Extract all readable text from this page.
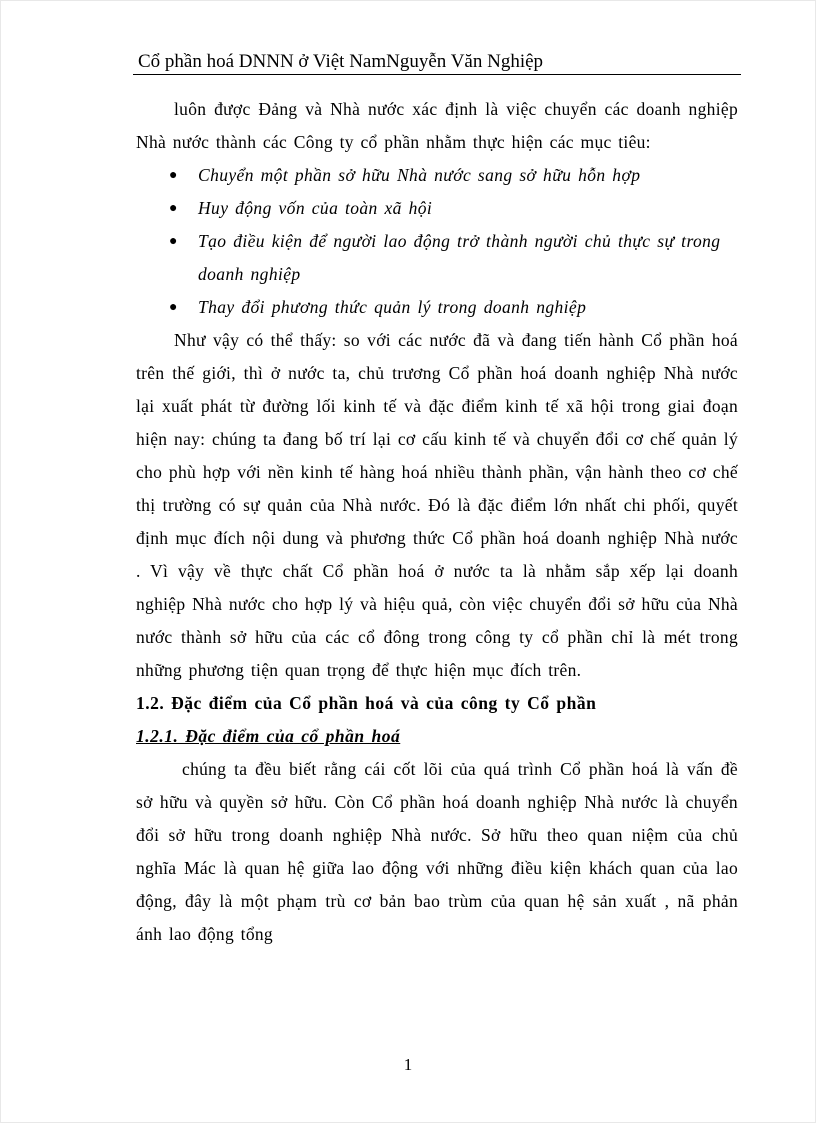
Cổ phần hoá DNNN ở Việt NamNguyễn Văn Nghiệp

luôn được Đảng và Nhà nước xác định là việc chuyển các doanh nghiệp Nhà nước thành các Công ty cổ phần nhằm thực hiện các mục tiêu:

● Chuyển một phần sở hữu Nhà nước sang sở hữu hỗn hợp
● Huy động vốn của toàn xã hội
● Tạo điều kiện để người lao động trở thành người chủ thực sự trong doanh nghiệp
● Thay đổi phương thức quản lý trong doanh nghiệp

Như vậy có thể thấy: so với các nước đã và đang tiến hành Cổ phần hoá trên thế giới, thì ở nước ta, chủ trương Cổ phần hoá doanh nghiệp Nhà nước lại xuất phát từ đường lối kinh tế và đặc điểm kinh tế xã hội trong giai đoạn hiện nay: chúng ta đang bố trí lại cơ cấu kinh tế và chuyển đổi cơ chế quản lý cho phù hợp với nền kinh tế hàng hoá nhiều thành phần, vận hành theo cơ chế thị trường có sự quản của Nhà nước. Đó là đặc điểm lớn nhất chi phối, quyết định mục đích nội dung và phương thức Cổ phần hoá doanh nghiệp Nhà nước . Vì vậy về thực chất Cổ phần hoá ở nước ta là nhằm sắp xếp lại doanh nghiệp Nhà nước cho hợp lý và hiệu quả, còn việc chuyển đổi sở hữu của Nhà nước thành sở hữu của các cổ đông trong công ty cổ phần chỉ là mét trong những phương tiện quan trọng để thực hiện mục đích trên.

1.2. Đặc điểm của Cổ phần hoá và của công ty Cổ phần

1.2.1. Đặc điểm của cổ phần hoá

chúng ta đều biết rằng cái cốt lõi của quá trình Cổ phần hoá là vấn đề sở hữu và quyền sở hữu. Còn Cổ phần hoá doanh nghiệp Nhà nước là chuyển đổi sở hữu trong doanh nghiệp Nhà nước. Sở hữu theo quan niệm của chủ nghĩa Mác là quan hệ giữa lao động với những điều kiện khách quan của lao động, đây là một phạm trù cơ bản bao trùm của quan hệ sản xuất , nã phản ánh lao động tổng

1
